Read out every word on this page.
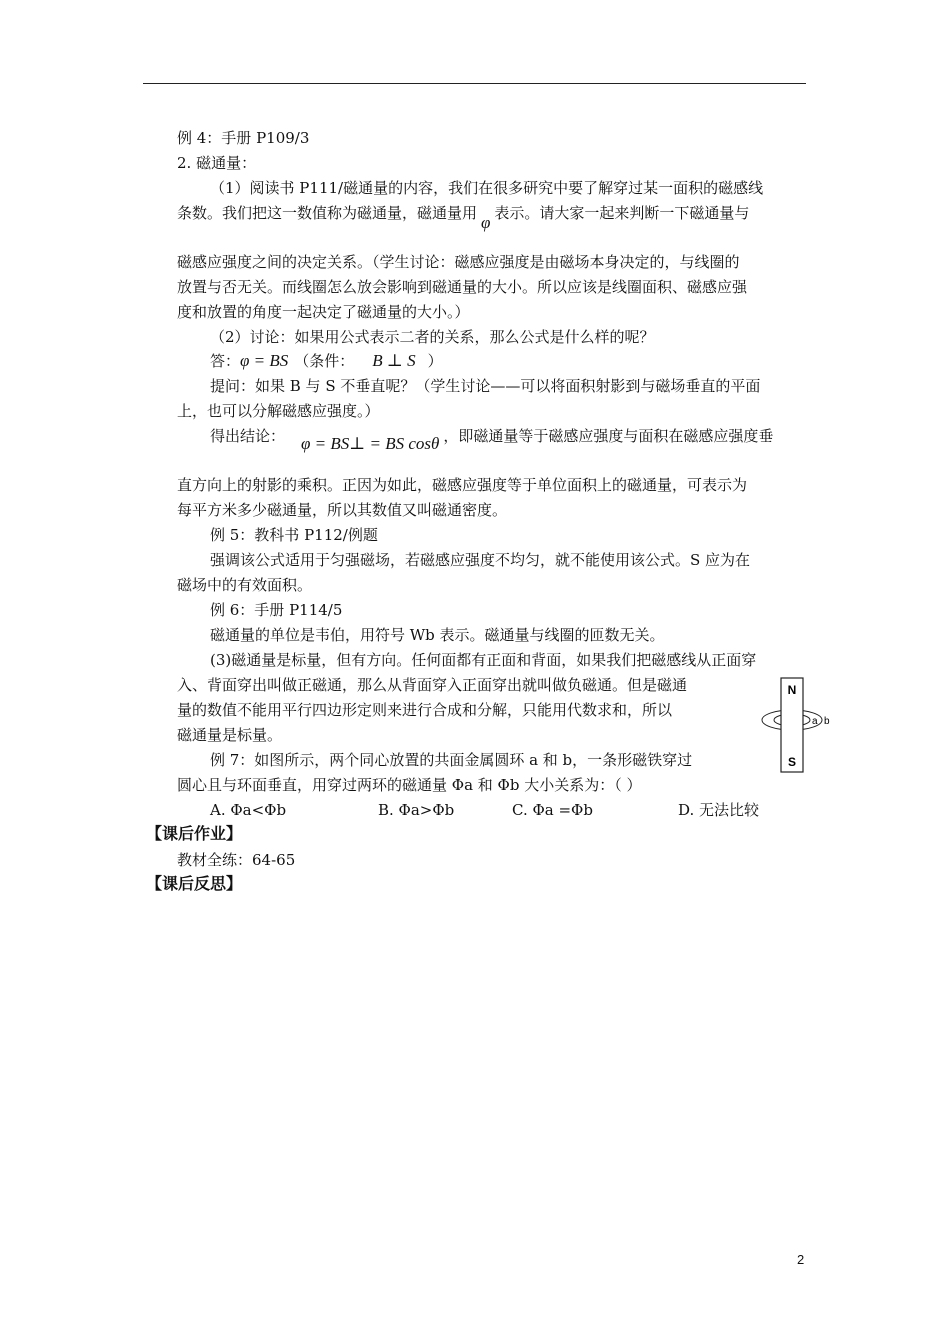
例 4：手册 P109/3
2. 磁通量：
（1）阅读书 P111/磁通量的内容，我们在很多研究中要了解穿过某一面积的磁感线
条数。我们把这一数值称为磁通量，磁通量用 φ 表示。请大家一起来判断一下磁通量与
磁感应强度之间的决定关系。（学生讨论：磁感应强度是由磁场本身决定的，与线圈的
放置与否无关。而线圈怎么放会影响到磁通量的大小。所以应该是线圈面积、磁感应强
度和放置的角度一起决定了磁通量的大小。）
（2）讨论：如果用公式表示二者的关系，那么公式是什么样的呢？
答：φ = BS （条件： B ⊥ S ）
提问：如果 B 与 S 不垂直呢？（学生讨论——可以将面积射影到与磁场垂直的平面
上，也可以分解磁感应强度。）
得出结论： φ = BS⊥ = BS cosθ ，即磁通量等于磁感应强度与面积在磁感应强度垂
直方向上的射影的乘积。正因为如此，磁感应强度等于单位面积上的磁通量，可表示为
每平方米多少磁通量，所以其数值又叫磁通密度。
例 5：教科书 P112/例题
强调该公式适用于匀强磁场，若磁感应强度不均匀，就不能使用该公式。S 应为在
磁场中的有效面积。
例 6：手册 P114/5
磁通量的单位是韦伯，用符号 Wb 表示。磁通量与线圈的匝数无关。
(3)磁通量是标量，但有方向。任何面都有正面和背面，如果我们把磁感线从正面穿
入、背面穿出叫做正磁通，那么从背面穿入正面穿出就叫做负磁通。但是磁通
量的数值不能用平行四边形定则来进行合成和分解，只能用代数求和，所以
磁通量是标量。
例 7：如图所示，两个同心放置的共面金属圆环 a 和 b，一条形磁铁穿过
圆心且与环面垂直，用穿过两环的磁通量 Φa 和 Φb 大小关系为：（ ）
A. Φa<Φb	B. Φa>Φb	C. Φa =Φb	D. 无法比较
【课后作业】
教材全练：64-65
【课后反思】
N
S
a b
2
